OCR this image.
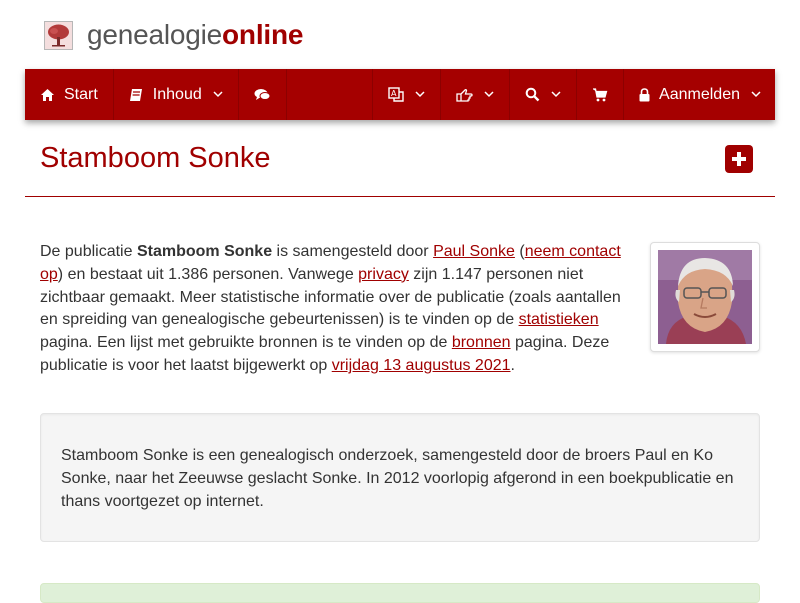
genealogieonline
Start	Inhoud	A	Aanmelden
Stamboom Sonke

De publicatie Stamboom Sonke is samengesteld door Paul Sonke (neem contact op) en bestaat uit 1.386 personen. Vanwege privacy zijn 1.147 personen niet zichtbaar gemaakt. Meer statistische informatie over de publicatie (zoals aantallen en spreiding van genealogische gebeurtenissen) is te vinden op de statistieken pagina. Een lijst met gebruikte bronnen is te vinden op de bronnen pagina. Deze publicatie is voor het laatst bijgewerkt op vrijdag 13 augustus 2021.

Stamboom Sonke is een genealogisch onderzoek, samengesteld door de broers Paul en Ko Sonke, naar het Zeeuwse geslacht Sonke. In 2012 voorlopig afgerond in een boekpublicatie en thans voortgezet op internet.
